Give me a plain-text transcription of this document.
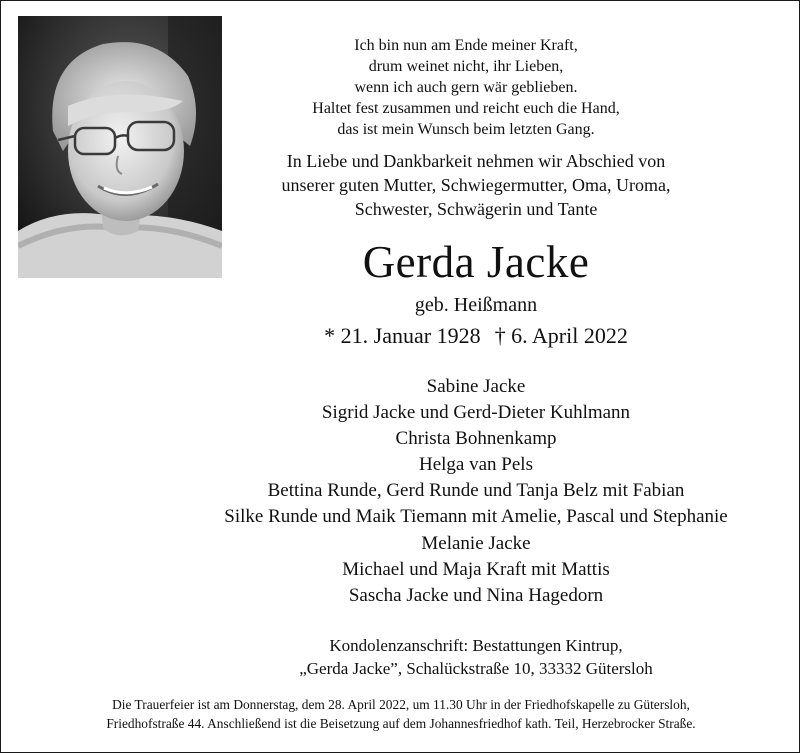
Ich bin nun am Ende meiner Kraft,
drum weinet nicht, ihr Lieben,
wenn ich auch gern wär geblieben.
Haltet fest zusammen und reicht euch die Hand,
das ist mein Wunsch beim letzten Gang.
In Liebe und Dankbarkeit nehmen wir Abschied von
unserer guten Mutter, Schwiegermutter, Oma, Uroma,
Schwester, Schwägerin und Tante
Gerda Jacke
geb. Heißmann
* 21. Januar 1928 † 6. April 2022
Sabine Jacke
Sigrid Jacke und Gerd-Dieter Kuhlmann
Christa Bohnenkamp
Helga van Pels
Bettina Runde, Gerd Runde und Tanja Belz mit Fabian
Silke Runde und Maik Tiemann mit Amelie, Pascal und Stephanie
Melanie Jacke
Michael und Maja Kraft mit Mattis
Sascha Jacke und Nina Hagedorn
Kondolenzanschrift: Bestattungen Kintrup,
„Gerda Jacke”, Schalückstraße 10, 33332 Gütersloh
Die Trauerfeier ist am Donnerstag, dem 28. April 2022, um 11.30 Uhr in der Friedhofskapelle zu Gütersloh,
Friedhofstraße 44. Anschließend ist die Beisetzung auf dem Johannesfriedhof kath. Teil, Herzebrocker Straße.
